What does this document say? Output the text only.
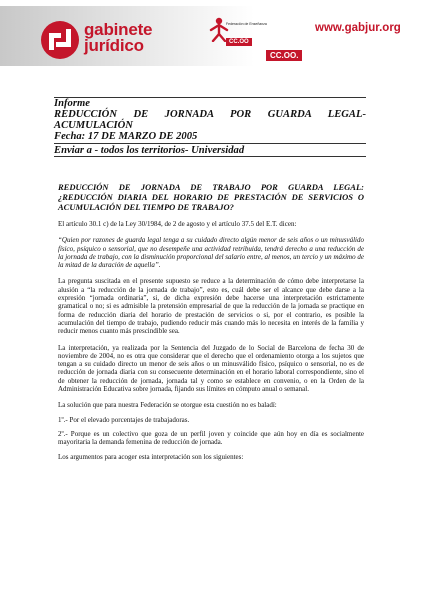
gabinete
jurídico
Federación de Enseñanza
CC.OO
CC.OO.
www.gabjur.org
Informe
REDUCCIÓN DE JORNADA POR GUARDA LEGAL-
ACUMULACIÓN
Fecha: 17 DE MARZO DE 2005
Enviar a - todos los territorios- Universidad

REDUCCIÓN DE JORNADA DE TRABAJO POR GUARDA LEGAL: ¿REDUCCIÓN DIARIA DEL HORARIO DE PRESTACIÓN DE SERVICIOS O ACUMULACIÓN DEL TIEMPO DE TRABAJO?

El artículo 30.1 c) de la Ley 30/1984, de 2 de agosto y el artículo 37.5 del E.T. dicen:

“Quien por razones de guarda legal tenga a su cuidado directo algún menor de seis años o un minusválido físico, psíquico o sensorial, que no desempeñe una actividad retribuida, tendrá derecho a una reducción de la jornada de trabajo, con la disminución proporcional del salario entre, al menos, un tercio y un máximo de la mitad de la duración de aquella”.

La pregunta suscitada en el presente supuesto se reduce a la determinación de cómo debe interpretarse la alusión a “la reducción de la jornada de trabajo”, esto es, cuál debe ser el alcance que debe darse a la expresión “jornada ordinaria”, si, de dicha expresión debe hacerse una interpretación estrictamente gramatical o no; si es admisible la pretensión empresarial de que la reducción de la jornada se practique en forma de reducción diaria del horario de prestación de servicios o si, por el contrario, es posible la acumulación del tiempo de trabajo, pudiendo reducir más cuando más lo necesita en interés de la familia y reducir menos cuanto más prescindible sea.

La interpretación, ya realizada por la Sentencia del Juzgado de lo Social de Barcelona de fecha 30 de noviembre de 2004, no es otra que considerar que el derecho que el ordenamiento otorga a los sujetos que tengan a su cuidado directo un menor de seis años o un minusválido físico, psíquico o sensorial, no es de reducción de jornada diaria con su consecuente determinación en el horario laboral correspondiente, sino el de obtener la reducción de jornada, jornada tal y como se establece en convenio, o en la Orden de la Administración Educativa sobre jornada, fijando sus límites en cómputo anual o semanal.

La solución que para nuestra Federación se otorgue esta cuestión no es baladí:

1º.- Por el elevado porcentajes de trabajadoras.

2º.- Porque es un colectivo que goza de un perfil joven y coincide que aún hoy en día es socialmente mayoritaria la demanda femenina de reducción de jornada.

Los argumentos para acoger esta interpretación son los siguientes:
